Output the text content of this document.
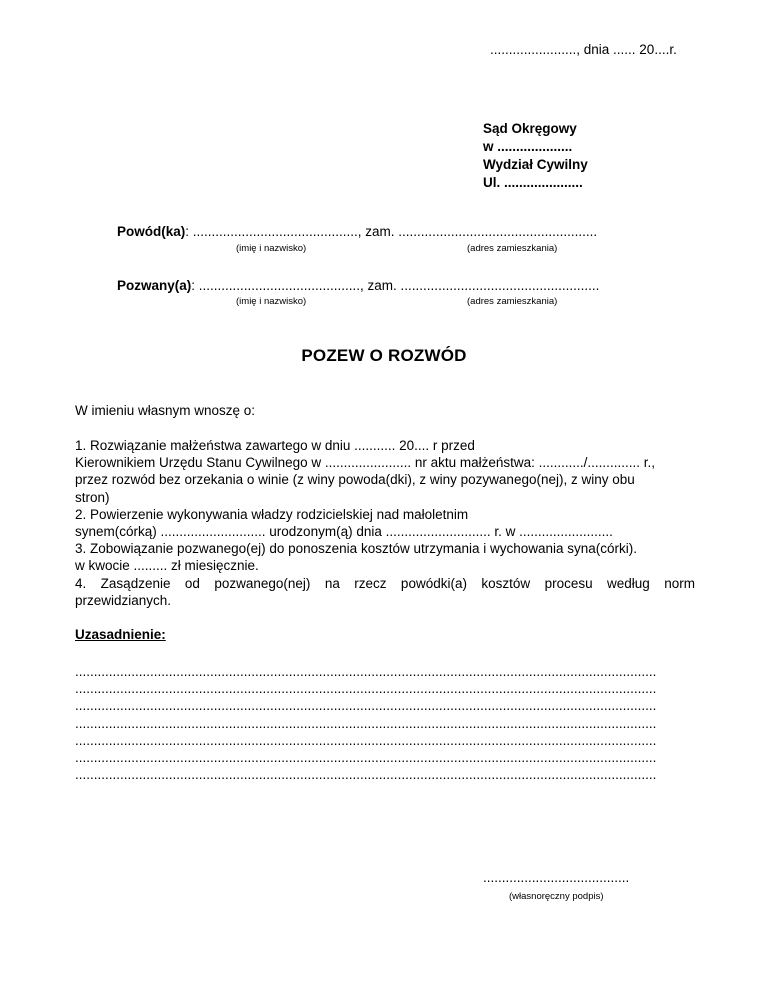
......................., dnia ...... 20....r.
Sąd Okręgowy
w ....................
Wydział Cywilny
Ul. .....................
Powód(ka): ............................................, zam. .....................................................
(imię i nazwisko)	(adres zamieszkania)
Pozwany(a): ..........................................., zam. .....................................................
(imię i nazwisko)	(adres zamieszkania)
POZEW O ROZWÓD
W imieniu własnym wnoszę o:

1. Rozwiązanie małżeństwa zawartego w dniu ........... 20.... r przed

Kierownikiem Urzędu Stanu Cywilnego w ....................... nr aktu małżeństwa: ............/.............. r.,

przez rozwód bez orzekania o winie (z winy powoda(dki), z winy pozywanego(nej), z winy obu

stron)

2. Powierzenie wykonywania władzy rodzicielskiej nad małoletnim

synem(córką) ............................ urodzonym(ą) dnia ............................ r. w .........................

3. Zobowiązanie pozwanego(ej) do ponoszenia kosztów utrzymania i wychowania syna(córki).

w kwocie ......... zł miesięcznie.

4. Zasądzenie od pozwanego(nej) na rzecz powódki(a) kosztów procesu według norm

przewidzianych.

Uzasadnienie:
...........................................................................................................................................................
...........................................................................................................................................................
...........................................................................................................................................................
...........................................................................................................................................................
...........................................................................................................................................................
...........................................................................................................................................................
...........................................................................................................................................................
.......................................
(własnoręczny podpis)
